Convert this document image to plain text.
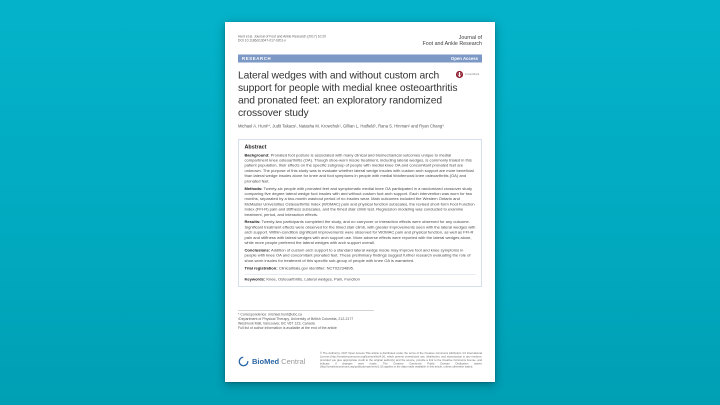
Hunt et al. Journal of Foot and Ankle Research (2017) 10:20
DOI 10.1186/s13047-017-0201-x
Journal of
Foot and Ankle Research
RESEARCH	Open Access
CrossMark
Lateral wedges with and without custom arch support for people with medial knee osteoarthritis and pronated feet: an exploratory randomized crossover study
Michael A. Hunt¹*, Judit Takacs¹, Natasha M. Krowchuk¹, Gillian L. Hatfield¹, Rana S. Hinman² and Ryan Chang³
Abstract

Background: Pronated foot posture is associated with many clinical and biomechanical outcomes unique to medial compartment knee osteoarthritis (OA). Though shoe-worn insole treatment, including lateral wedges, is commonly trialed in this patient population, their effects on the specific subgroup of people with medial knee OA and concomitant pronated feet are unknown. The purpose of this study was to evaluate whether lateral wedge insoles with custom arch support are more beneficial than lateral wedge insoles alone for knee and foot symptoms in people with medial tibiofemoral knee osteoarthritis (OA) and pronated feet.

Methods: Twenty-six people with pronated feet and symptomatic medial knee OA participated in a randomized crossover study comparing five degree lateral wedge foot insoles with and without custom foot arch support. Each intervention was worn for two months, separated by a two-month washout period of no insoles wear. Main outcomes included the Western Ontario and McMaster Universities Osteoarthritis Index (WOMAC) pain and physical function subscales, the revised short-form Foot Function Index (FFI-R) pain and stiffness subscales, and the timed stair climb test. Regression modeling was conducted to examine treatment, period, and interaction effects.

Results: Twenty-two participants completed the study, and no carryover or interaction effects were observed for any outcome. Significant treatment effects were observed for the timed stair climb, with greater improvements seen with the lateral wedges with arch support. Within-condition significant improvements were observed for WOMAC pain and physical function, as well as FFI-R pain and stiffness with lateral wedges with arch support use. More adverse effects were reported with the lateral wedges alone, while more people preferred the lateral wedges with arch support overall.

Conclusions: Addition of custom arch support to a standard lateral wedge insole may improve foot and knee symptoms in people with knee OA and concomitant pronated feet. These preliminary findings suggest further research evaluating the role of shoe-worn insoles for treatment of this specific sub-group of people with knee OA is warranted.

Trial registration: Clinicaltrials.gov identifier: NCT02234895.

Keywords: Knee, Osteoarthritis, Lateral wedges, Pain, Function

* Correspondence: michael.hunt@ubc.ca
¹Department of Physical Therapy, University of British Columbia, 212-2177
Wesbrook Mall, Vancouver, BC V6T 1Z3, Canada
Full list of author information is available at the end of the article
BioMed Central
© The Author(s). 2017 Open Access This article is distributed under the terms of the Creative Commons Attribution 4.0 International License (http://creativecommons.org/licenses/by/4.0/), which permits unrestricted use, distribution, and reproduction in any medium, provided you give appropriate credit to the original author(s) and the source, provide a link to the Creative Commons license, and indicate if changes were made. The Creative Commons Public Domain Dedication waiver (http://creativecommons.org/publicdomain/zero/1.0/) applies to the data made available in this article, unless otherwise stated.
